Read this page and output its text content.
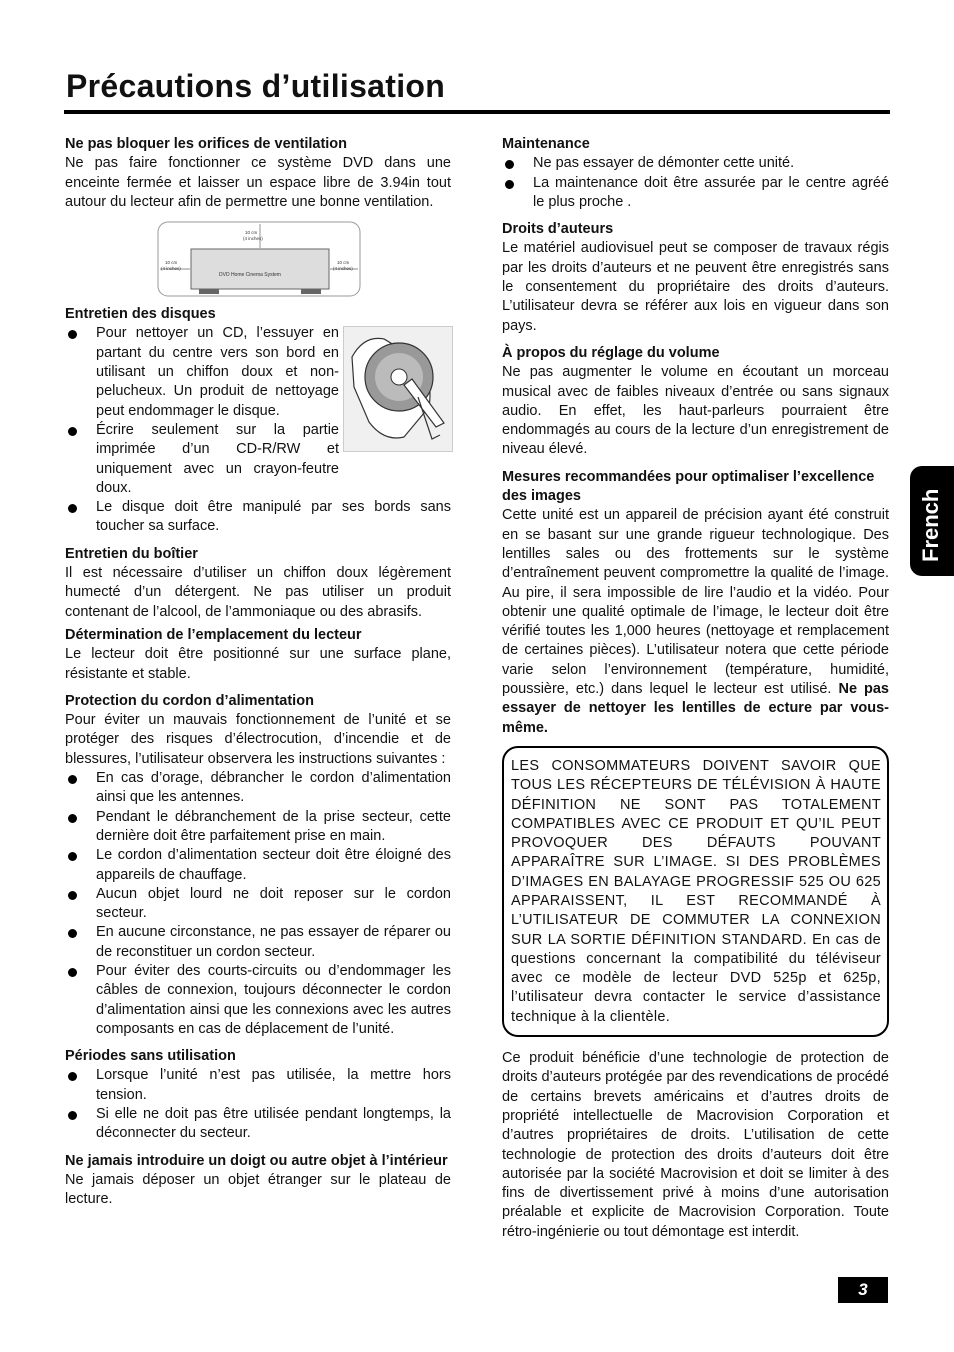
Précautions d’utilisation
Ne pas bloquer les orifices de ventilation
Ne pas faire fonctionner ce système DVD dans une enceinte fermée et laisser un espace libre de 3.94in tout autour du lecteur afin de permettre une bonne ventilation.
10 cm
(4 inches)
10 cm
(4 inches)
10 cm
(4 inches)
DVD Home Cinema System
Entretien des disques
Pour nettoyer un CD, l’essuyer en partant du centre vers son bord en utilisant un chiffon doux et non-pelucheux. Un produit de nettoyage peut endommager le disque.
Écrire seulement sur la partie imprimée d’un CD-R/RW et uniquement avec un crayon-feutre doux.
Le disque doit être manipulé par ses bords sans toucher sa surface.
Entretien du boîtier
Il est nécessaire d’utiliser un chiffon doux légèrement humecté d’un détergent. Ne pas utiliser un produit contenant de l’alcool, de l’ammoniaque ou des abrasifs.
Détermination de l’emplacement du lecteur
Le lecteur doit être positionné sur une surface plane, résistante et stable.
Protection du cordon d’alimentation
Pour éviter un mauvais fonctionnement de l’unité et se protéger des risques d’électrocution, d’incendie et de blessures, l’utilisateur observera les instructions suivantes :
En cas d’orage, débrancher le cordon d’alimentation ainsi que les antennes.
Pendant le débranchement de la prise secteur, cette dernière doit être parfaitement prise en main.
Le cordon d’alimentation secteur doit être éloigné des appareils de chauffage.
Aucun objet lourd ne doit reposer sur le cordon secteur.
En aucune circonstance, ne pas essayer de réparer ou de reconstituer un cordon secteur.
Pour éviter des courts-circuits ou d’endommager les câbles de connexion, toujours déconnecter le cordon d’alimentation ainsi que les connexions avec les autres composants en cas de déplacement de l’unité.
Périodes sans utilisation
Lorsque l’unité n’est pas utilisée, la mettre hors tension.
Si elle ne doit pas être utilisée pendant longtemps, la déconnecter du secteur.
Ne jamais introduire un doigt ou autre objet à l’intérieur
Ne jamais déposer un objet étranger sur le plateau de lecture.
Maintenance
Ne pas essayer de démonter cette unité.
La maintenance doit être assurée par le centre agréé le plus proche .
Droits d’auteurs
Le matériel audiovisuel peut se composer de travaux régis par les droits d’auteurs et ne peuvent être enregistrés sans le consentement du propriétaire des droits d’auteurs. L’utilisateur devra se référer aux lois en vigueur dans son pays.
À propos du réglage du volume
Ne pas augmenter le volume en écoutant un morceau musical avec de faibles niveaux d’entrée ou sans signaux audio. En effet, les haut-parleurs pourraient être endommagés au cours de la lecture d’un enregistrement de niveau élevé.
Mesures recommandées pour optimaliser l’excellence des images
Cette unité est un appareil de précision ayant été construit en se basant sur une grande rigueur technologique. Des lentilles sales ou des frottements sur le système d’entraînement peuvent compromettre la qualité de l’image. Au pire, il sera impossible de lire l’audio et la vidéo. Pour obtenir une qualité optimale de l’image, le lecteur doit être vérifié toutes les 1,000 heures (nettoyage et remplacement de certaines pièces). L’utilisateur notera que cette période varie selon l’environnement (température, humidité, poussière, etc.) dans lequel le lecteur est utilisé. Ne pas essayer de nettoyer les lentilles de ecture par vous-même.
LES CONSOMMATEURS DOIVENT SAVOIR QUE TOUS LES RÉCEPTEURS DE TÉLÉVISION À HAUTE DÉFINITION NE SONT PAS TOTALEMENT COMPATIBLES AVEC CE PRODUIT ET QU’IL PEUT PROVOQUER DES DÉFAUTS POUVANT APPARAÎTRE SUR L’IMAGE. SI DES PROBLÈMES D’IMAGES EN BALAYAGE PROGRESSIF 525 OU 625 APPARAISSENT, IL EST RECOMMANDÉ À L’UTILISATEUR DE COMMUTER LA CONNEXION SUR LA SORTIE DÉFINITION STANDARD. En cas de questions concernant la compatibilité du téléviseur avec ce modèle de lecteur DVD 525p et 625p, l’utilisateur devra contacter le service d’assistance technique à la clientèle.
Ce produit bénéficie d’une technologie de protection de droits d’auteurs protégée par des revendications de procédé de certains brevets américains et d’autres droits de propriété intellectuelle de Macrovision Corporation et d’autres propriétaires de droits. L’utilisation de cette technologie de protection des droits d’auteurs doit être autorisée par la société Macrovision et doit se limiter à des fins de divertissement privé à moins d’une autorisation préalable et explicite de Macrovision Corporation. Toute rétro-ingénierie ou tout démontage est interdit.
French
3
